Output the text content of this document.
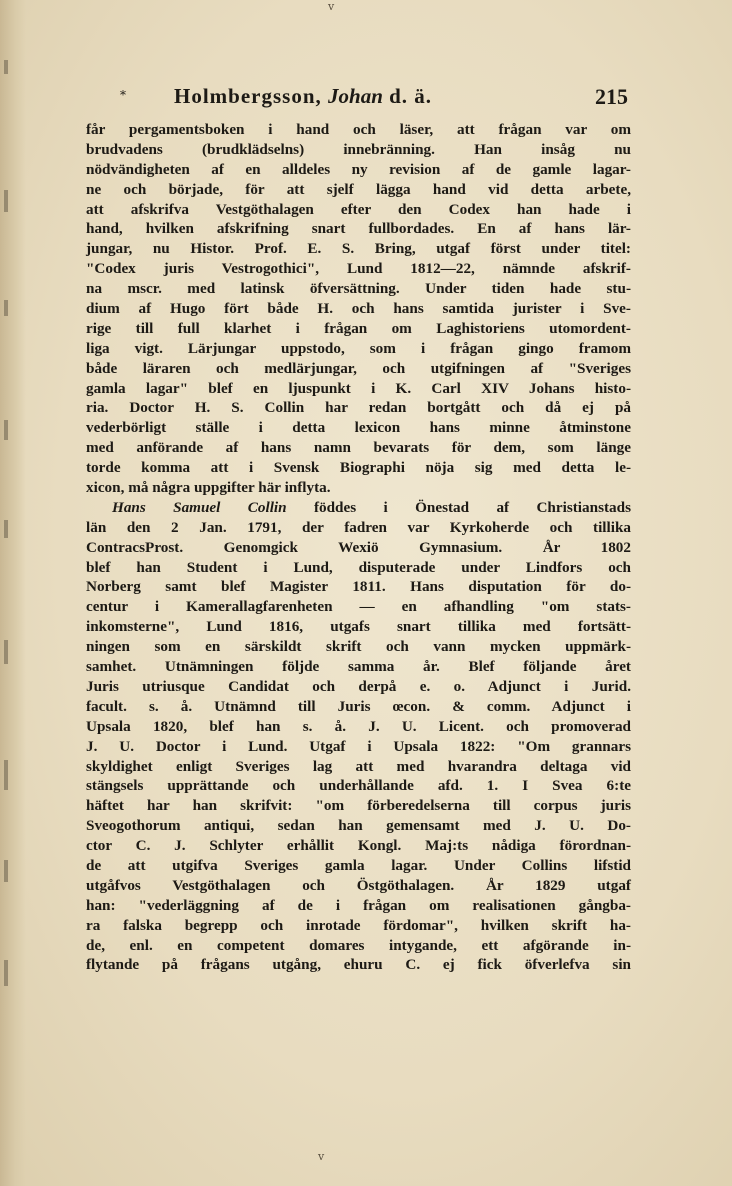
v
* Holmbergsson, Johan d. ä.	215
får pergamentsboken i hand och läser, att frågan var om
brudvadens (brudklädselns) innebränning. Han insåg nu
nödvändigheten af en alldeles ny revision af de gamle lagar-
ne och började, för att sjelf lägga hand vid detta arbete,
att afskrifva Vestgöthalagen efter den Codex han hade i
hand, hvilken afskrifning snart fullbordades. En af hans lär-
jungar, nu Histor. Prof. E. S. Bring, utgaf först under titel:
"Codex juris Vestrogothici", Lund 1812—22, nämnde afskrif-
na mscr. med latinsk öfversättning. Under tiden hade stu-
dium af Hugo fört både H. och hans samtida jurister i Sve-
rige till full klarhet i frågan om Laghistoriens utomordent-
liga vigt. Lärjungar uppstodo, som i frågan gingo framom
både läraren och medlärjungar, och utgifningen af "Sveriges
gamla lagar" blef en ljuspunkt i K. Carl XIV Johans histo-
ria. Doctor H. S. Collin har redan bortgått och då ej på
vederbörligt ställe i detta lexicon hans minne åtminstone
med anförande af hans namn bevarats för dem, som länge
torde komma att i Svensk Biographi nöja sig med detta le-
xicon, må några uppgifter här inflyta.
Hans Samuel Collin föddes i Önestad af Christianstads
län den 2 Jan. 1791, der fadren var Kyrkoherde och tillika
ContracsProst. Genomgick Wexiö Gymnasium. År 1802
blef han Student i Lund, disputerade under Lindfors och
Norberg samt blef Magister 1811. Hans disputation för do-
centur i Kamerallagfarenheten — en afhandling "om stats-
inkomsterne", Lund 1816, utgafs snart tillika med fortsätt-
ningen som en särskildt skrift och vann mycken uppmärk-
samhet. Utnämningen följde samma år. Blef följande året
Juris utriusque Candidat och derpå e. o. Adjunct i Jurid.
facult. s. å. Utnämnd till Juris œcon. & comm. Adjunct i
Upsala 1820, blef han s. å. J. U. Licent. och promoverad
J. U. Doctor i Lund. Utgaf i Upsala 1822: "Om grannars
skyldighet enligt Sveriges lag att med hvarandra deltaga vid
stängsels upprättande och underhållande afd. 1. I Svea 6:te
häftet har han skrifvit: "om förberedelserna till corpus juris
Sveogothorum antiqui, sedan han gemensamt med J. U. Do-
ctor C. J. Schlyter erhållit Kongl. Maj:ts nådiga förordnan-
de att utgifva Sveriges gamla lagar. Under Collins lifstid
utgåfvos Vestgöthalagen och Östgöthalagen. År 1829 utgaf
han: "vederläggning af de i frågan om realisationen gångba-
ra falska begrepp och inrotade fördomar", hvilken skrift ha-
de, enl. en competent domares intygande, ett afgörande in-
flytande på frågans utgång, ehuru C. ej fick öfverlefva sin
v
